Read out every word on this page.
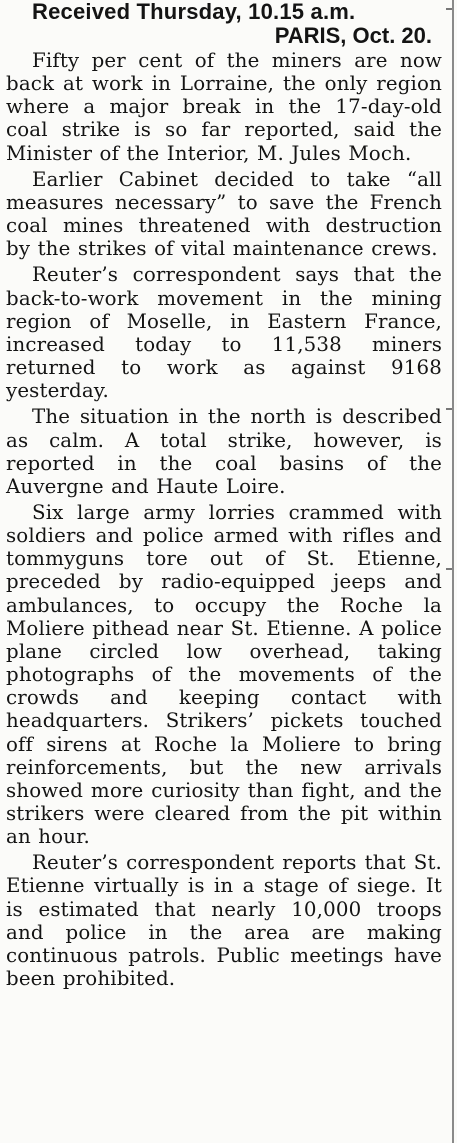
Received Thursday, 10.15 a.m.

PARIS, Oct. 20.

Fifty per cent of the miners are now back at work in Lorraine, the only region where a major break in the 17-day-old coal strike is so far reported, said the Minister of the Interior, M. Jules Moch.

Earlier Cabinet decided to take “all measures necessary” to save the French coal mines threatened with destruction by the strikes of vital maintenance crews.

Reuter’s correspondent says that the back-to-work movement in the mining region of Moselle, in Eastern France, increased today to 11,538 miners returned to work as against 9168 yesterday.

The situation in the north is described as calm. A total strike, however, is reported in the coal basins of the Auvergne and Haute Loire.

Six large army lorries crammed with soldiers and police armed with rifles and tommyguns tore out of St. Etienne, preceded by radio-equipped jeeps and ambulances, to occupy the Roche la Moliere pithead near St. Etienne. A police plane circled low overhead, taking photographs of the movements of the crowds and keeping contact with headquarters. Strikers’ pickets touched off sirens at Roche la Moliere to bring reinforcements, but the new arrivals showed more curiosity than fight, and the strikers were cleared from the pit within an hour.

Reuter’s correspondent reports that St. Etienne virtually is in a stage of siege. It is estimated that nearly 10,000 troops and police in the area are making continuous patrols. Public meetings have been prohibited.
